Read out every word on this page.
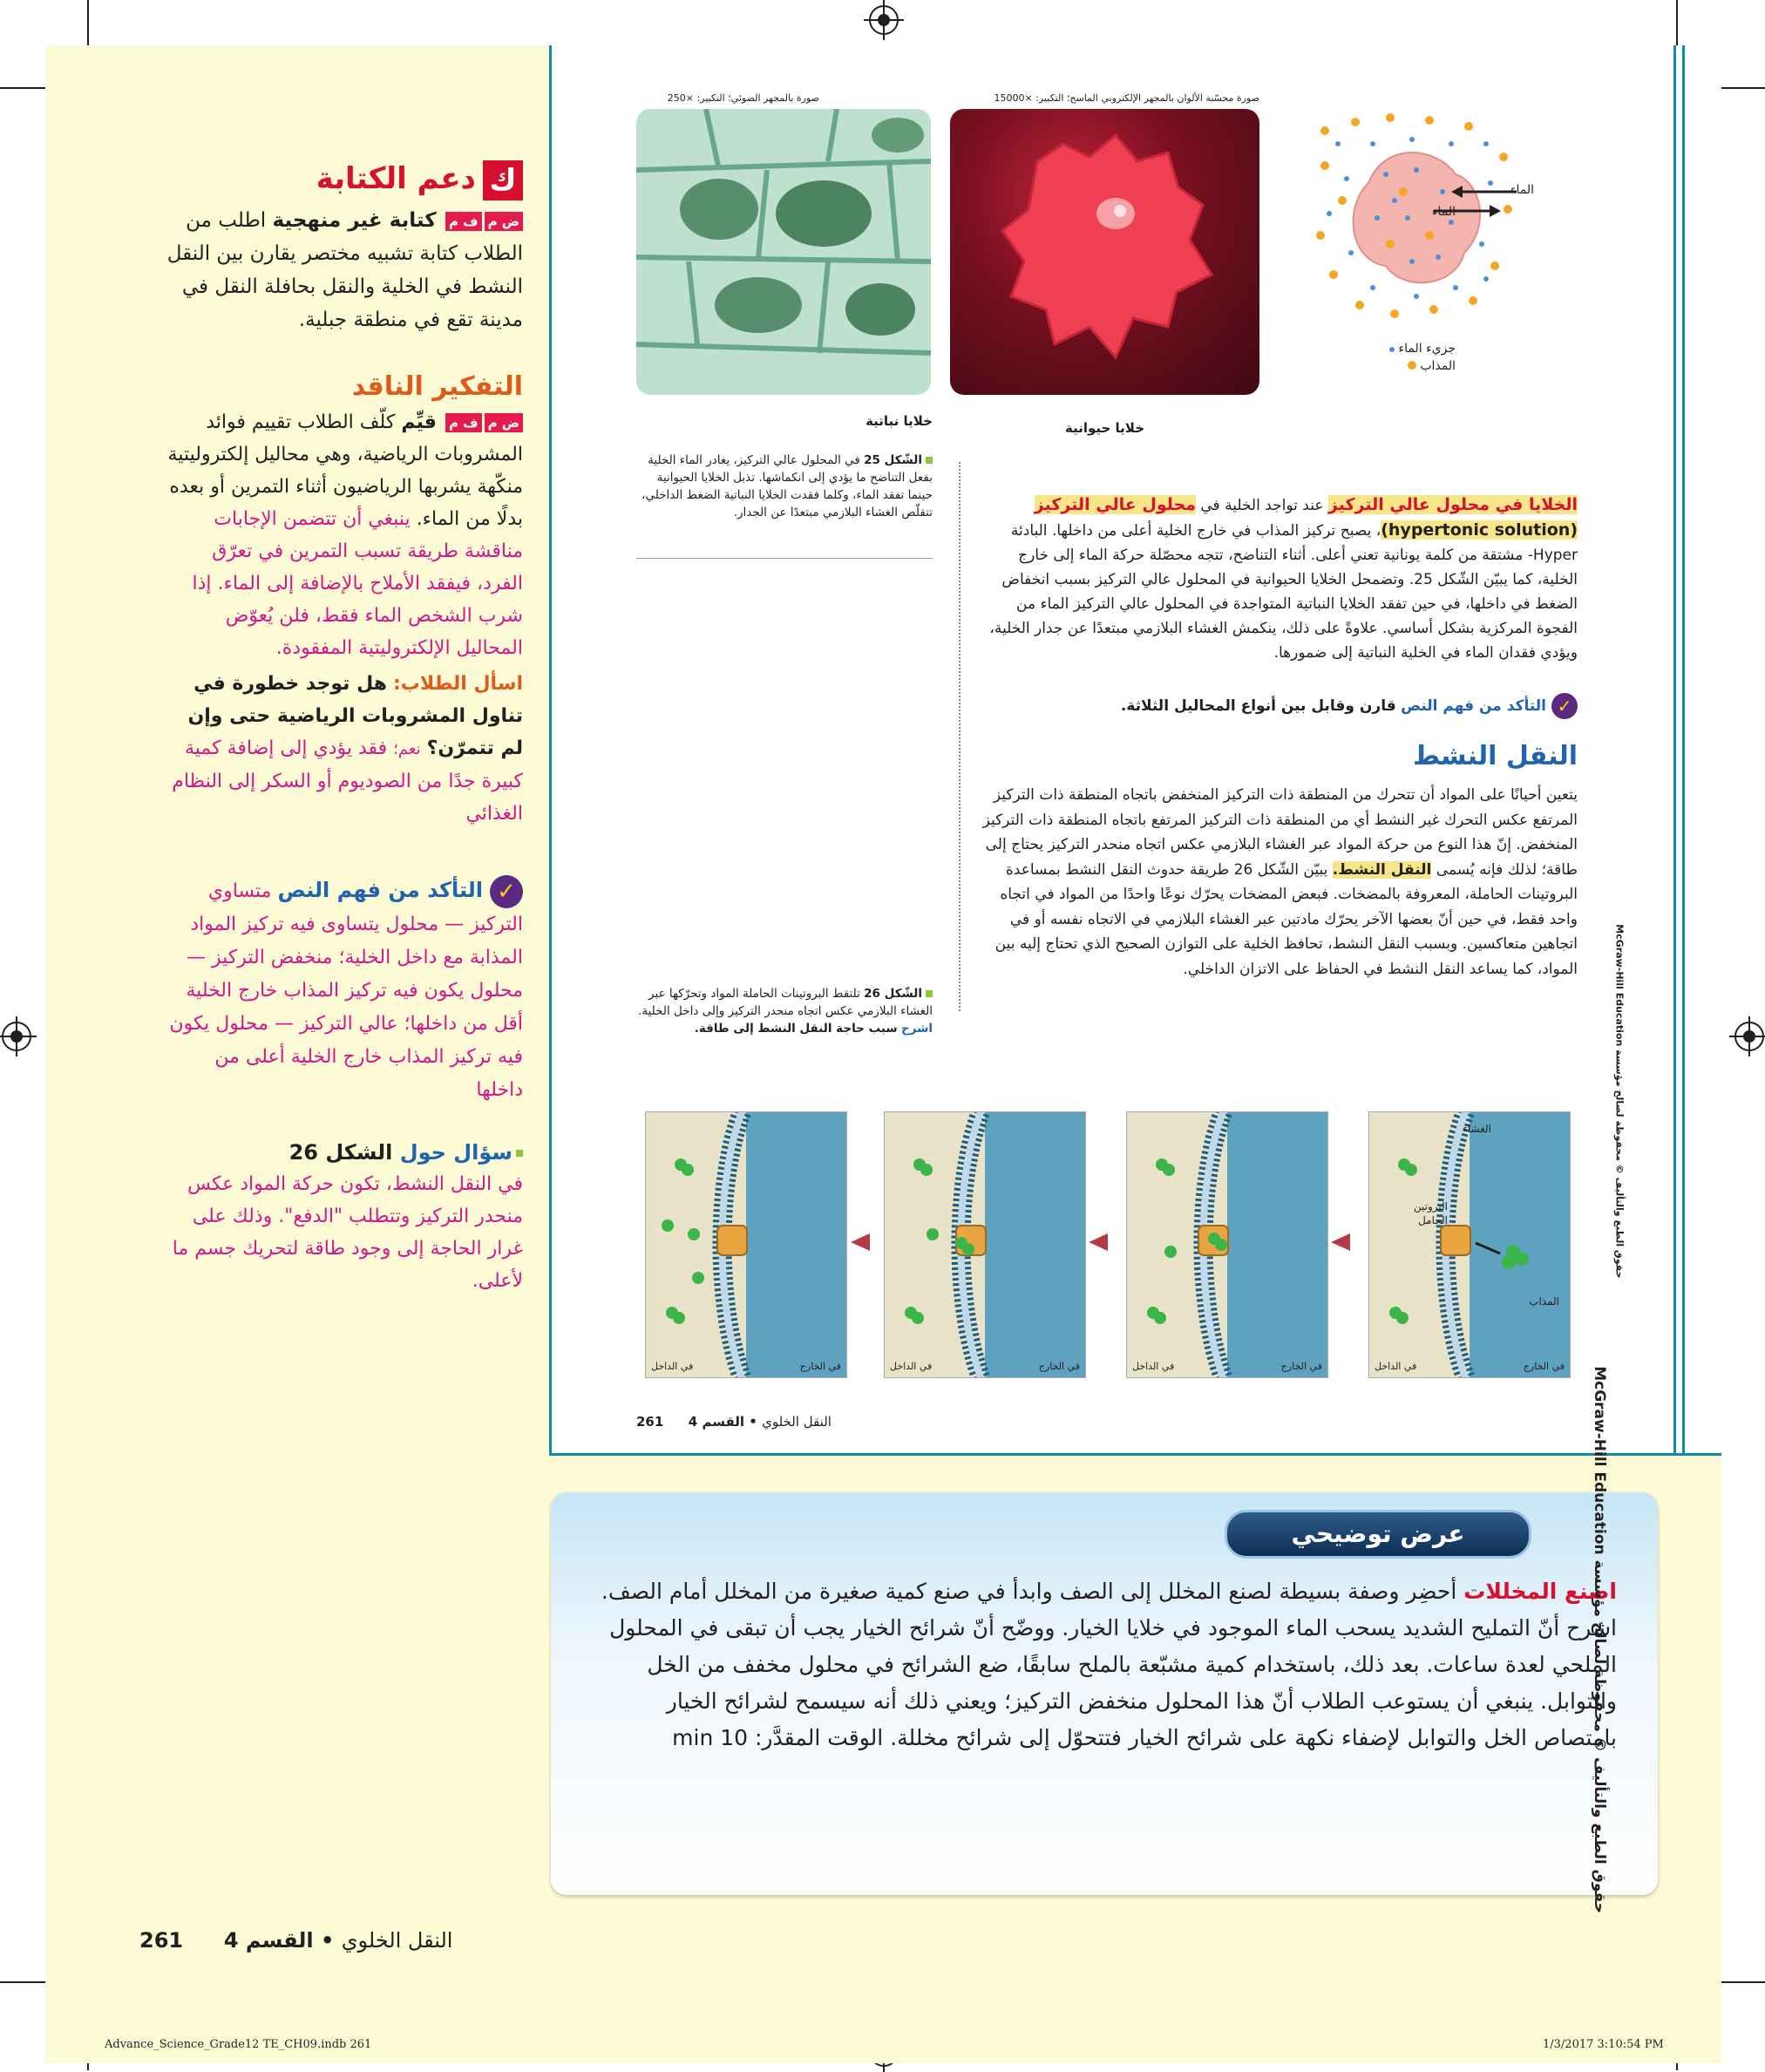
كدعم الكتابة

ض مف م كتابة غير منهجية اطلب من الطلاب كتابة تشبيه مختصر يقارن بين النقل النشط في الخلية والنقل بحافلة النقل في مدينة تقع في منطقة جبلية.

التفكير الناقد

ض مف م قيِّم كلّف الطلاب تقييم فوائد المشروبات الرياضية، وهي محاليل إلكتروليتية منكّهة يشربها الرياضيون أثناء التمرين أو بعده بدلًا من الماء. ينبغي أن تتضمن الإجابات مناقشة طريقة تسبب التمرين في تعرّق الفرد، فيفقد الأملاح بالإضافة إلى الماء. إذا شرب الشخص الماء فقط، فلن يُعوّض المحاليل الإلكتروليتية المفقودة.

اسأل الطلاب: هل توجد خطورة في تناول المشروبات الرياضية حتى وإن لم تتمرّن؟ نعم؛ فقد يؤدي إلى إضافة كمية كبيرة جدًا من الصوديوم أو السكر إلى النظام الغذائي

✓التأكد من فهم النص متساوي التركيز — محلول يتساوى فيه تركيز المواد المذابة مع داخل الخلية؛ منخفض التركيز — محلول يكون فيه تركيز المذاب خارج الخلية أقل من داخلها؛ عالي التركيز — محلول يكون فيه تركيز المذاب خارج الخلية أعلى من داخلها

سؤال حول الشكل 26

في النقل النشط، تكون حركة المواد عكس منحدر التركيز وتتطلب "الدفع". وذلك على غرار الحاجة إلى وجود طاقة لتحريك جسم ما لأعلى.

الماء
الماء
جزيء الماء
المذاب
صورة محسّنة الألوان بالمجهر الإلكتروني الماسح؛ التكبير: ×15000
خلايا حيوانية
صورة بالمجهر الضوئي؛ التكبير: ×250
خلايا نباتية
الشّكل 25 في المحلول عالي التركيز، يغادر الماء الخلية بفعل التناضح ما يؤدي إلى انكماشها. تذبل الخلايا الحيوانية حينما تفقد الماء، وكلما فقدت الخلايا النباتية الضغط الداخلي، تتقلّص الغشاء البلازمي مبتعدًا عن الجدار.	الخلايا في محلول عالي التركيز عند تواجد الخلية في محلول عالي التركيز (hypertonic solution)، يصبح تركيز المذاب في خارج الخلية أعلى من داخلها. البادئة Hyper- مشتقة من كلمة يونانية تعني أعلى. أثناء التناضح، تتجه محصّلة حركة الماء إلى خارج الخلية، كما يبيّن الشّكل 25. وتضمحل الخلايا الحيوانية في المحلول عالي التركيز بسبب انخفاض الضغط في داخلها، في حين تفقد الخلايا النباتية المتواجدة في المحلول عالي التركيز الماء من الفجوة المركزية بشكل أساسي. علاوةً على ذلك، ينكمش الغشاء البلازمي مبتعدًا عن جدار الخلية، ويؤدي فقدان الماء في الخلية النباتية إلى ضمورها.
✓التأكد من فهم النص قارن وقابل بين أنواع المحاليل الثلاثة.
النقل النشط
يتعين أحيانًا على المواد أن تتحرك من المنطقة ذات التركيز المنخفض باتجاه المنطقة ذات التركيز المرتفع عكس التحرك غير النشط أي من المنطقة ذات التركيز المرتفع باتجاه المنطقة ذات التركيز المنخفض. إنّ هذا النوع من حركة المواد عبر الغشاء البلازمي عكس اتجاه منحدر التركيز يحتاج إلى طاقة؛ لذلك فإنه يُسمى النقل النشط. يبيّن الشّكل 26 طريقة حدوث النقل النشط بمساعدة البروتينات الحاملة، المعروفة بالمضخات. فبعض المضخات يحرّك نوعًا واحدًا من المواد في اتجاه واحد فقط، في حين أنّ بعضها الآخر يحرّك مادتين عبر الغشاء البلازمي في الاتجاه نفسه أو في اتجاهين متعاكسين. وبسبب النقل النشط، تحافظ الخلية على التوازن الصحيح الذي تحتاج إليه بين المواد، كما يساعد النقل النشط في الحفاظ على الاتزان الداخلي.
الشّكل 26 تلتقط البروتينات الحاملة المواد وتحرّكها عبر الغشاء البلازمي عكس اتجاه منحدر التركيز وإلى داخل الخلية.
اشرح سبب حاجة النقل النشط إلى طاقة.	حقوق الطبع والتأليف © محفوظة لصالح مؤسسة McGraw-Hill Education
الغشاء
البروتين الحامل
المذاب
في الخارج
في الداخل
في الخارج
في الداخل
في الخارج
في الداخل
في الخارج
في الداخل
261	النقل الخلوي • القسم 4
عرض توضيحي
اصنع المخللات أحضِر وصفة بسيطة لصنع المخلل إلى الصف وابدأ في صنع كمية صغيرة من المخلل أمام الصف. اشرح أنّ التمليح الشديد يسحب الماء الموجود في خلايا الخيار. ووضّح أنّ شرائح الخيار يجب أن تبقى في المحلول الملحي لعدة ساعات. بعد ذلك، باستخدام كمية مشبّعة بالملح سابقًا، ضع الشرائح في محلول مخفف من الخل والتوابل. ينبغي أن يستوعب الطلاب أنّ هذا المحلول منخفض التركيز؛ ويعني ذلك أنه سيسمح لشرائح الخيار بامتصاص الخل والتوابل لإضفاء نكهة على شرائح الخيار فتتحوّل إلى شرائح مخللة. الوقت المقدَّر: 10 min
حقوق الطبع والتأليف © محفوظة لصالح مؤسسة McGraw-Hill Education
261	النقل الخلوي • القسم 4
Advance_Science_Grade12 TE_CH09.indb 261	1/3/2017 3:10:54 PM
